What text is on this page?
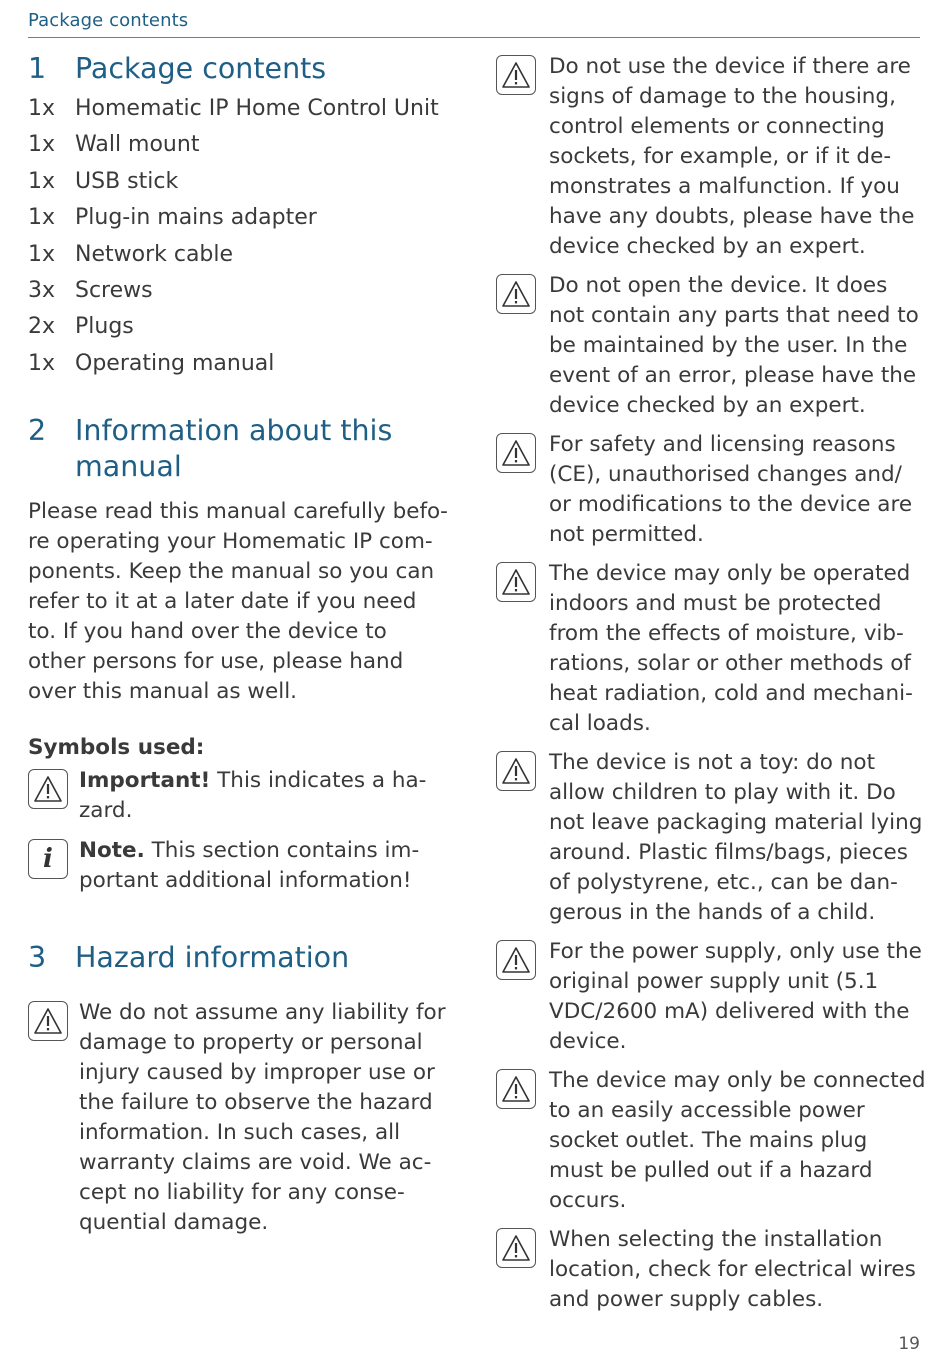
Package contents
1	Package contents
1x Homematic IP Home Control Unit
1x Wall mount
1x USB stick
1x Plug-in mains adapter
1x Network cable
3x Screws
2x Plugs
1x Operating manual
2	Information about this
manual

Please read this manual carefully before operating your Homematic IP components. Keep the manual so you can refer to it at a later date if you need to. If you hand over the device to other persons for use, please hand over this manual as well.

Symbols used:

Important! This indicates a hazard.
i Note. This section contains important additional information!
3	Hazard information
We do not assume any liability for damage to property or personal injury caused by improper use or the failure to observe the hazard information. In such cases, all warranty claims are void. We accept no liability for any consequential damage.
Do not use the device if there are signs of damage to the housing, control elements or connecting sockets, for example, or if it demonstrates a malfunction. If you have any doubts, please have the device checked by an expert.
Do not open the device. It does not contain any parts that need to be maintained by the user. In the event of an error, please have the device checked by an expert.
For safety and licensing reasons (CE), unauthorised changes and/ or modifications to the device are not permitted.
The device may only be operated indoors and must be protected from the effects of moisture, vibrations, solar or other methods of heat radiation, cold and mechanical loads.
The device is not a toy: do not allow children to play with it. Do not leave packaging material lying around. Plastic films/bags, pieces of polystyrene, etc., can be dangerous in the hands of a child.
For the power supply, only use the original power supply unit (5.1 VDC/2600 mA) delivered with the device.
The device may only be connected to an easily accessible power socket outlet. The mains plug must be pulled out if a hazard occurs.
When selecting the installation location, check for electrical wires and power supply cables.
19
